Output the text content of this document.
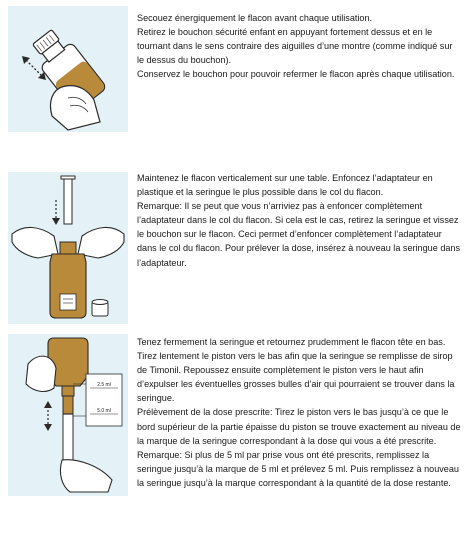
Secouez énergiquement le flacon avant chaque utilisation.

Retirez le bouchon sécurité enfant en appuyant fortement dessus et en le tournant dans le sens contraire des aiguilles d’une montre (comme indiqué sur le dessus du bouchon).

Conservez le bouchon pour pouvoir refermer le flacon après chaque utilisation.

Maintenez le flacon verticalement sur une table. Enfoncez l’adaptateur en plastique et la seringue le plus possible dans le col du flacon.

Remarque: Il se peut que vous n’arriviez pas à enfoncer complètement l’adaptateur dans le col du flacon. Si cela est le cas, retirez la seringue et vissez le bouchon sur le flacon. Ceci permet d’enfoncer complètement l’adaptateur dans le col du flacon. Pour prélever la dose, insérez à nouveau la seringue dans l’adaptateur.

2.5 ml
5.0 ml

Tenez fermement la seringue et retournez prudemment le flacon tête en bas.

Tirez lentement le piston vers le bas afin que la seringue se remplisse de sirop de Timonil. Repoussez ensuite complètement le piston vers le haut afin d’expulser les éventuelles grosses bulles d’air qui pourraient se trouver dans la seringue.

Prélèvement de la dose prescrite: Tirez le piston vers le bas jusqu’à ce que le bord supérieur de la partie épaisse du piston se trouve exactement au niveau de la marque de la seringue correspondant à la dose qui vous a été prescrite.

Remarque: Si plus de 5 ml par prise vous ont été prescrits, remplissez la seringue jusqu’à la marque de 5 ml et prélevez 5 ml. Puis remplissez à nouveau la seringue jusqu’à la marque correspondant à la quantité de la dose restante.
